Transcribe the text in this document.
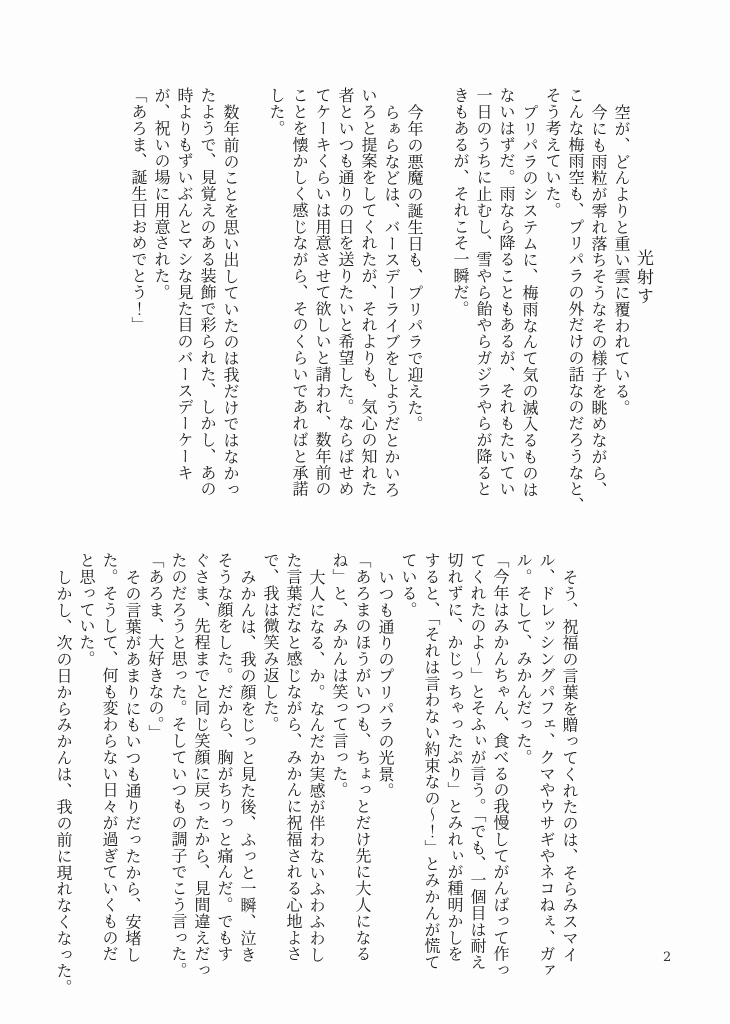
光射す

空が、どんよりと重い雲に覆われている。

今にも雨粒が零れ落ちそうなその様子を眺めながら、

こんな梅雨空も、プリパラの外だけの話なのだろうなと、

そう考えていた。

プリパラのシステムに、梅雨なんて気の滅入るものは

ないはずだ。雨なら降ることもあるが、それもたいてい

一日のうちに止むし、雪やら飴やらガジラやらが降ると

きもあるが、それこそ一瞬だ。

今年の悪魔の誕生日も、プリパラで迎えた。

らぁらなどは、バースデーライブをしようだとかいろ

いろと提案をしてくれたが、それよりも、気心の知れた

者といつも通りの日を送りたいと希望した。ならばせめ

てケーキくらいは用意させて欲しいと請われ、数年前の

ことを懐かしく感じながら、そのくらいであればと承諾

した。

数年前のことを思い出していたのは我だけではなかっ

たようで、見覚えのある装飾で彩られた、しかし、あの

時よりもずいぶんとマシな見た目のバースデーケーキ

が、祝いの場に用意された。

「あろま、誕生日おめでとう！」

そう、祝福の言葉を贈ってくれたのは、そらみスマイ

ル、ドレッシングパフェ、クマやウサギやネコねぇ、ガァ

ル。そして、みかんだった。

「今年はみかんちゃん、食べるの我慢してがんばって作っ

てくれたのよ～」とそふぃが言う。「でも、一個目は耐え

切れずに、かじっちゃったぷり」とみれぃが種明かしを

すると、「それは言わない約束なの～！」とみかんが慌て

ている。

いつも通りのプリパラの光景。

「あろまのほうがいつも、ちょっとだけ先に大人になる

ね」と、みかんは笑って言った。

大人になる、か。なんだか実感が伴わないふわふわし

た言葉だなと感じながら、みかんに祝福される心地よさ

で、我は微笑み返した。

みかんは、我の顔をじっと見た後、ふっと一瞬、泣き

そうな顔をした。だから、胸がちりっと痛んだ。でもす

ぐさま、先程までと同じ笑顔に戻ったから、見間違えだっ

たのだろうと思った。そしていつもの調子でこう言った。

「あろま、大好きなの。」

その言葉があまりにもいつも通りだったから、安堵し

た。そうして、何も変わらない日々が過ぎていくものだ

と思っていた。

しかし、次の日からみかんは、我の前に現れなくなった。	2
